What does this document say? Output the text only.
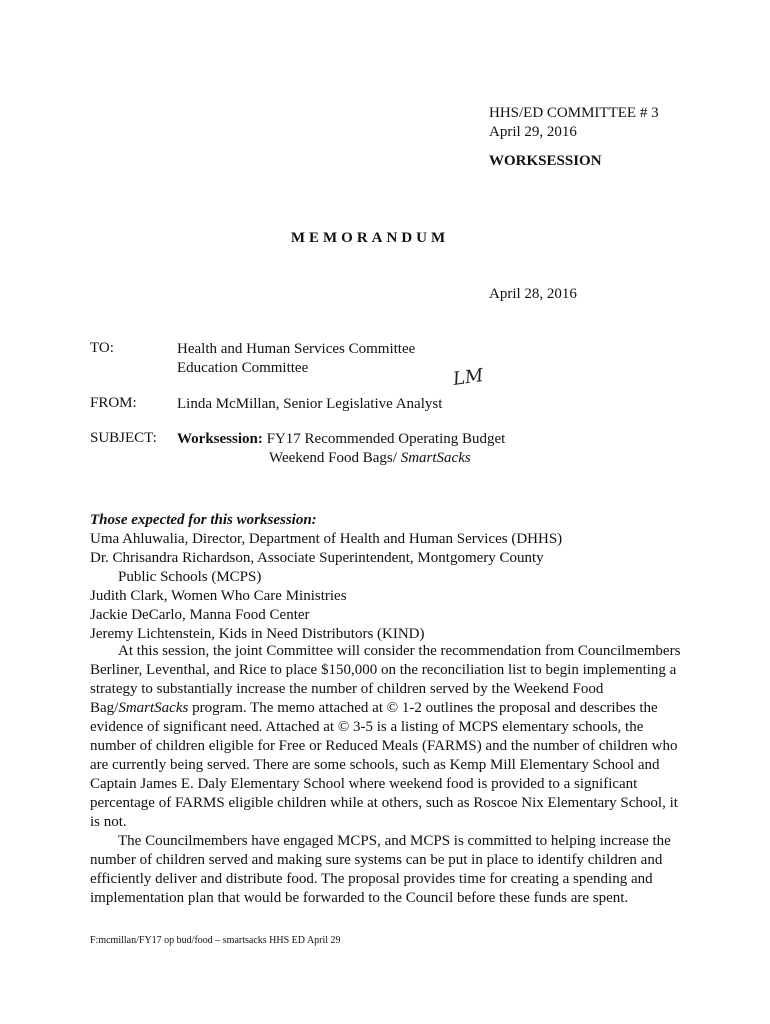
HHS/ED COMMITTEE # 3
April 29, 2016
WORKSESSION
MEMORANDUM
April 28, 2016
TO:	Health and Human Services Committee
Education Committee
FROM:	Linda McMillan, Senior Legislative Analyst
LM
SUBJECT: Worksession: FY17 Recommended Operating Budget
Weekend Food Bags/ SmartSacks
Those expected for this worksession:
Uma Ahluwalia, Director, Department of Health and Human Services (DHHS)
Dr. Chrisandra Richardson, Associate Superintendent, Montgomery County
Public Schools (MCPS)
Judith Clark, Women Who Care Ministries
Jackie DeCarlo, Manna Food Center
Jeremy Lichtenstein, Kids in Need Distributors (KIND)
At this session, the joint Committee will consider the recommendation from Councilmembers Berliner, Leventhal, and Rice to place $150,000 on the reconciliation list to begin implementing a strategy to substantially increase the number of children served by the Weekend Food Bag/SmartSacks program. The memo attached at © 1-2 outlines the proposal and describes the evidence of significant need. Attached at © 3-5 is a listing of MCPS elementary schools, the number of children eligible for Free or Reduced Meals (FARMS) and the number of children who are currently being served. There are some schools, such as Kemp Mill Elementary School and Captain James E. Daly Elementary School where weekend food is provided to a significant percentage of FARMS eligible children while at others, such as Roscoe Nix Elementary School, it is not.
The Councilmembers have engaged MCPS, and MCPS is committed to helping increase the number of children served and making sure systems can be put in place to identify children and efficiently deliver and distribute food. The proposal provides time for creating a spending and implementation plan that would be forwarded to the Council before these funds are spent.
F:mcmillan/FY17 op bud/food – smartsacks HHS ED April 29
